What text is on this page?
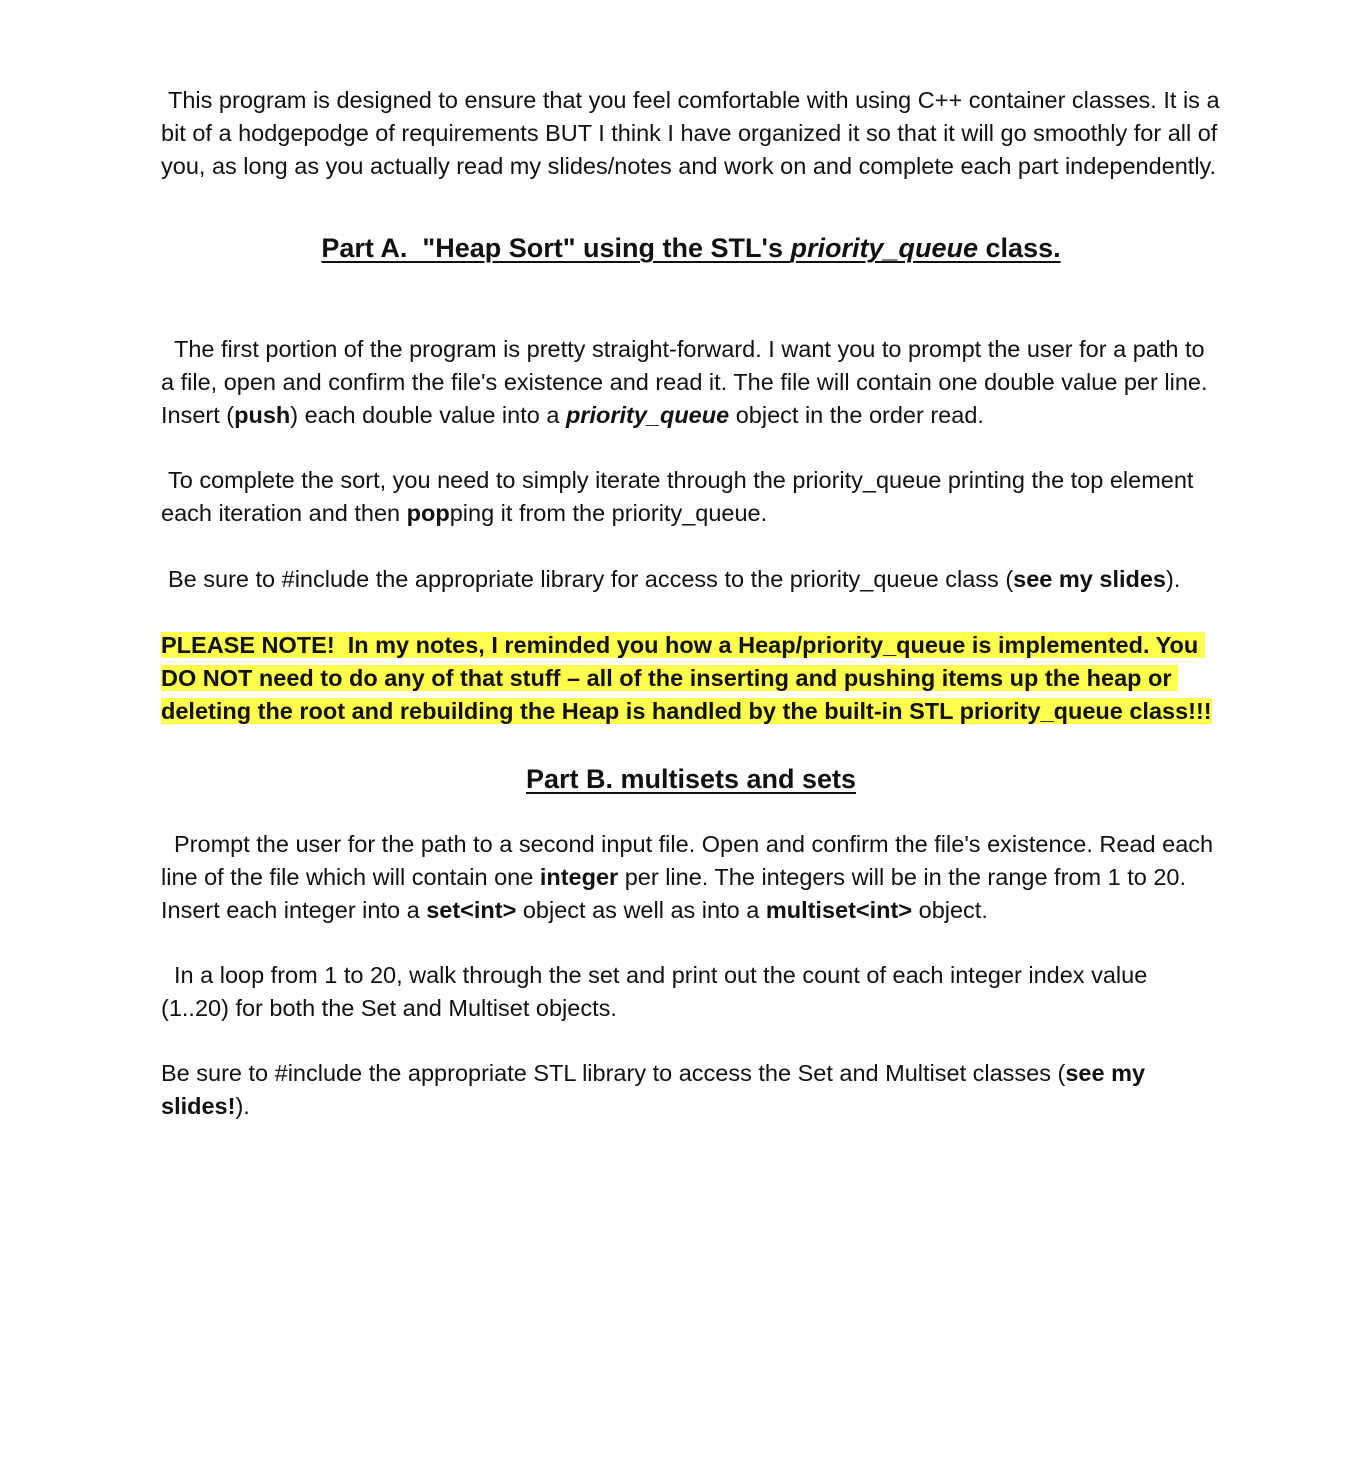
This program is designed to ensure that you feel comfortable with using C++ container classes. It is a bit of a hodgepodge of requirements BUT I think I have organized it so that it will go smoothly for all of you, as long as you actually read my slides/notes and work on and complete each part independently.

Part A.  "Heap Sort" using the STL's priority_queue class.

The first portion of the program is pretty straight-forward. I want you to prompt the user for a path to a file, open and confirm the file's existence and read it. The file will contain one double value per line.   Insert (push) each double value into a priority_queue object in the order read.

To complete the sort, you need to simply iterate through the priority_queue printing the top element each iteration and then popping it from the priority_queue.

Be sure to #include the appropriate library for access to the priority_queue class (see my slides).

PLEASE NOTE!  In my notes, I reminded you how a Heap/priority_queue is implemented. You DO NOT need to do any of that stuff – all of the inserting and pushing items up the heap or deleting the root and rebuilding the Heap is handled by the built-in STL priority_queue class!!!

Part B. multisets and sets

Prompt the user for the path to a second input file. Open and confirm the file's existence. Read each line of the file which will contain one integer per line. The integers will be in the range from 1 to 20. Insert each integer into a set<int> object as well as into a multiset<int> object.

In a loop from 1 to 20, walk through the set and print out the count of each integer index value (1..20) for both the Set and Multiset objects.

Be sure to #include the appropriate STL library to access the Set and Multiset classes (see my slides!).
